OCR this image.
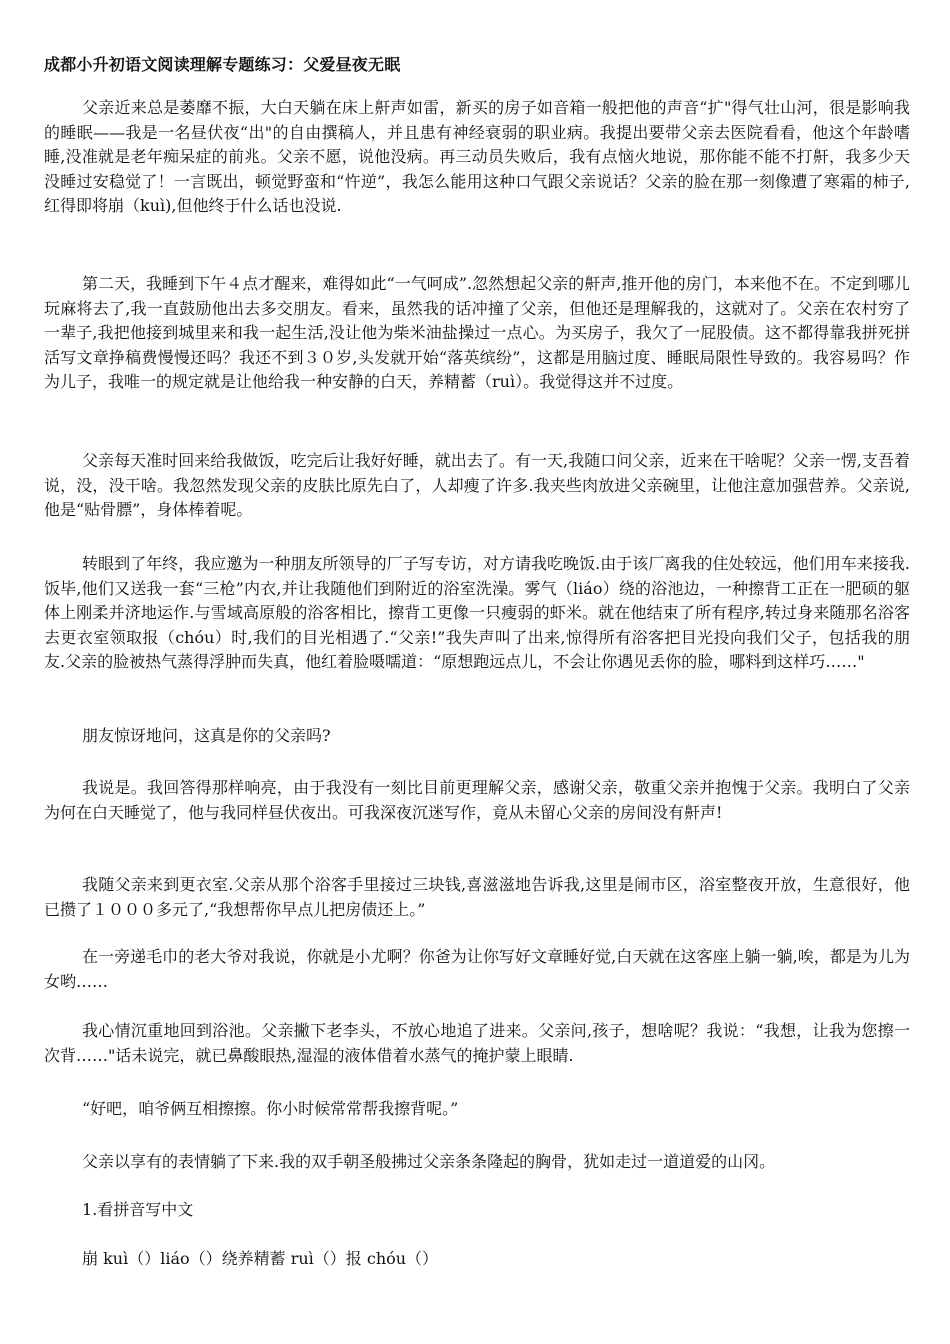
成都小升初语文阅读理解专题练习：父爱昼夜无眠
父亲近来总是萎靡不振，大白天躺在床上鼾声如雷，新买的房子如音箱一般把他的声音“扩"得气壮山河，很是影响我的睡眠——我是一名昼伏夜“出"的自由撰稿人，并且患有神经衰弱的职业病。我提出要带父亲去医院看看，他这个年龄嗜睡,没准就是老年痴呆症的前兆。父亲不愿，说他没病。再三动员失败后，我有点恼火地说，那你能不能不打鼾，我多少天没睡过安稳觉了！一言既出，顿觉野蛮和“忤逆”，我怎么能用这种口气跟父亲说话？父亲的脸在那一刻像遭了寒霜的柿子,红得即将崩（kuì),但他终于什么话也没说.
第二天，我睡到下午４点才醒来，难得如此“一气呵成”.忽然想起父亲的鼾声,推开他的房门，本来他不在。不定到哪儿玩麻将去了,我一直鼓励他出去多交朋友。看来，虽然我的话冲撞了父亲，但他还是理解我的，这就对了。父亲在农村穷了一辈子,我把他接到城里来和我一起生活,没让他为柴米油盐操过一点心。为买房子，我欠了一屁股债。这不都得靠我拼死拼活写文章挣稿费慢慢还吗？我还不到３０岁,头发就开始“落英缤纷”，这都是用脑过度、睡眠局限性导致的。我容易吗？作为儿子，我唯一的规定就是让他给我一种安静的白天，养精蓄（ruì）。我觉得这并不过度。
父亲每天准时回来给我做饭，吃完后让我好好睡，就出去了。有一天,我随口问父亲，近来在干啥呢？父亲一愣,支吾着说，没，没干啥。我忽然发现父亲的皮肤比原先白了，人却瘦了许多.我夹些肉放进父亲碗里，让他注意加强营养。父亲说,他是“贴骨膘”，身体棒着呢。
转眼到了年终，我应邀为一种朋友所领导的厂子写专访，对方请我吃晚饭.由于该厂离我的住处较远，他们用车来接我.饭毕,他们又送我一套“三枪”内衣,并让我随他们到附近的浴室洗澡。雾气（liáo）绕的浴池边，一种擦背工正在一肥硕的躯体上刚柔并济地运作.与雪域高原般的浴客相比，擦背工更像一只瘦弱的虾米。就在他结束了所有程序,转过身来随那名浴客去更衣室领取报（chóu）时,我们的目光相遇了.“父亲!”我失声叫了出来,惊得所有浴客把目光投向我们父子，包括我的朋友.父亲的脸被热气蒸得浮肿而失真，他红着脸嗫嚅道：“原想跑远点儿，不会让你遇见丢你的脸，哪料到这样巧……"
朋友惊讶地问，这真是你的父亲吗?
我说是。我回答得那样响亮，由于我没有一刻比目前更理解父亲，感谢父亲，敬重父亲并抱愧于父亲。我明白了父亲为何在白天睡觉了，他与我同样昼伏夜出。可我深夜沉迷写作，竟从未留心父亲的房间没有鼾声!
我随父亲来到更衣室.父亲从那个浴客手里接过三块钱,喜滋滋地告诉我,这里是闹市区，浴室整夜开放，生意很好，他已攒了１０００多元了,“我想帮你早点儿把房债还上。”
在一旁递毛巾的老大爷对我说，你就是小尤啊？你爸为让你写好文章睡好觉,白天就在这客座上躺一躺,唉，都是为儿为女哟……
我心情沉重地回到浴池。父亲撇下老李头，不放心地追了进来。父亲问,孩子，想啥呢？我说：“我想，让我为您擦一次背……"话未说完，就已鼻酸眼热,湿湿的液体借着水蒸气的掩护蒙上眼睛.
“好吧，咱爷俩互相擦擦。你小时候常常帮我擦背呢。”
父亲以享有的表情躺了下来.我的双手朝圣般拂过父亲条条隆起的胸骨，犹如走过一道道爱的山冈。
1.看拼音写中文
崩 kuì（）liáo（）绕养精蓄 ruì（）报 chóu（）
